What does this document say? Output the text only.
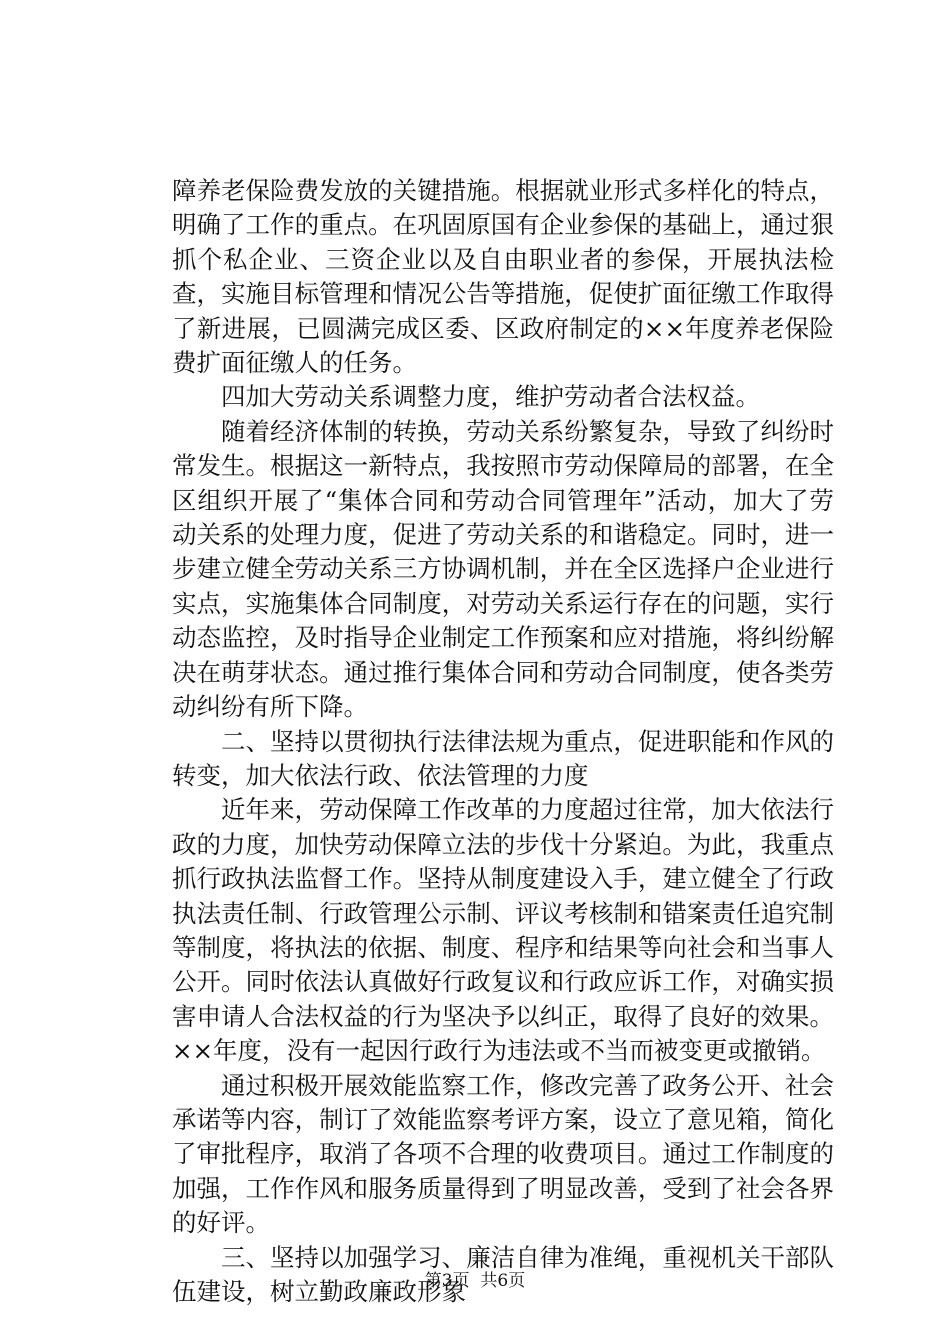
障养老保险费发放的关键措施。根据就业形式多样化的特点，明确了工作的重点。在巩固原国有企业参保的基础上，通过狠抓个私企业、三资企业以及自由职业者的参保，开展执法检查，实施目标管理和情况公告等措施，促使扩面征缴工作取得了新进展，已圆满完成区委、区政府制定的××年度养老保险费扩面征缴人的任务。

四加大劳动关系调整力度，维护劳动者合法权益。

随着经济体制的转换，劳动关系纷繁复杂，导致了纠纷时常发生。根据这一新特点，我按照市劳动保障局的部署，在全区组织开展了“集体合同和劳动合同管理年”活动，加大了劳动关系的处理力度，促进了劳动关系的和谐稳定。同时，进一步建立健全劳动关系三方协调机制，并在全区选择户企业进行实点，实施集体合同制度，对劳动关系运行存在的问题，实行动态监控，及时指导企业制定工作预案和应对措施，将纠纷解决在萌芽状态。通过推行集体合同和劳动合同制度，使各类劳动纠纷有所下降。

二、坚持以贯彻执行法律法规为重点，促进职能和作风的转变，加大依法行政、依法管理的力度

近年来，劳动保障工作改革的力度超过往常，加大依法行政的力度，加快劳动保障立法的步伐十分紧迫。为此，我重点抓行政执法监督工作。坚持从制度建设入手，建立健全了行政执法责任制、行政管理公示制、评议考核制和错案责任追究制等制度，将执法的依据、制度、程序和结果等向社会和当事人公开。同时依法认真做好行政复议和行政应诉工作，对确实损害申请人合法权益的行为坚决予以纠正，取得了良好的效果。××年度，没有一起因行政行为违法或不当而被变更或撤销。

通过积极开展效能监察工作，修改完善了政务公开、社会承诺等内容，制订了效能监察考评方案，设立了意见箱，简化了审批程序，取消了各项不合理的收费项目。通过工作制度的加强，工作作风和服务质量得到了明显改善，受到了社会各界的好评。

三、坚持以加强学习、廉洁自律为准绳，重视机关干部队伍建设，树立勤政廉政形象

第3页  共6页
